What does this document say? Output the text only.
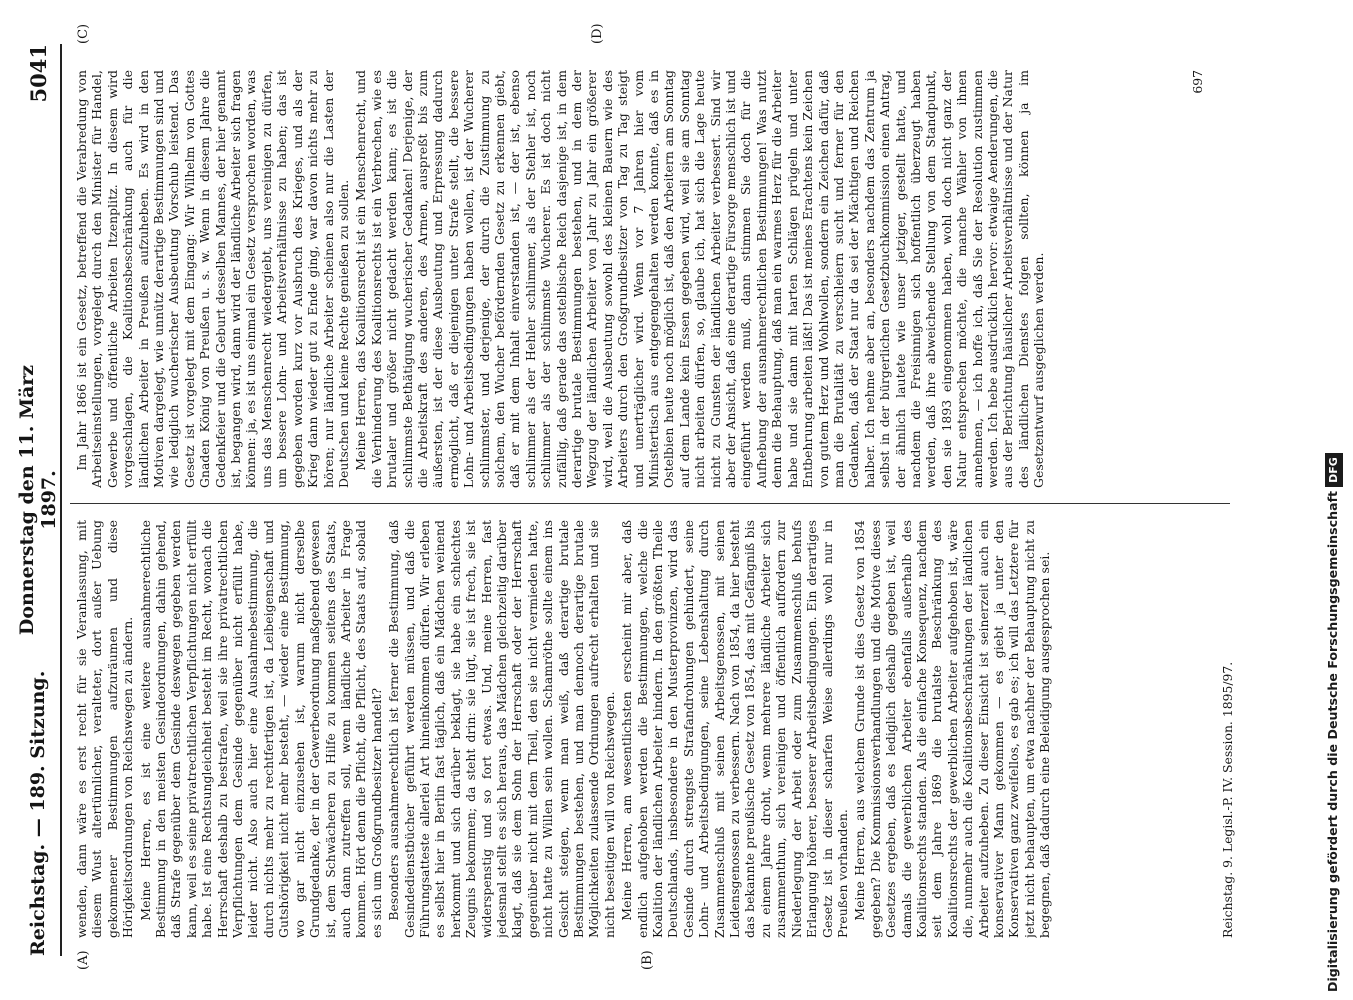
Reichstag. — 189. Sitzung.
Donnerstag den 11. März 1897.
5041
(A)	(B)
(C)	(D)

wenden, dann wäre es erst recht für sie Veranlassung, mit diesem Wust altertümlicher, veralteter, dort außer Uebung gekommener Bestimmungen aufzuräumen und diese Hörigkeitsordnungen von Reichswegen zu ändern. Meine Herren, es ist eine weitere ausnahmerechtliche Bestimmung in den meisten Gesindeordnungen, dahin gehend, daß Strafe gegenüber dem Gesinde deswegen gegeben werden kann, weil es seine privatrechtlichen Verpflichtungen nicht erfüllt habe. Ist eine Rechtsungleichheit besteht im Recht, wonach die Herrschaft deshalb zu bestrafen, weil sie ihre privatrechtlichen Verpflichtungen dem Gesinde gegenüber nicht erfüllt habe, leider nicht. Also auch hier eine Ausnahmebestimmung, die durch nichts mehr zu rechtfertigen ist, da Leibeigenschaft und Gutshörigkeit nicht mehr besteht, — wieder eine Bestimmung, wo gar nicht einzusehen ist, warum nicht derselbe Grundgedanke, der in der Gewerbeordnung maßgebend gewesen ist, dem Schwächeren zu Hilfe zu kommen seitens des Staats, auch dann zutreffen soll, wenn ländliche Arbeiter in Frage kommen. Hört denn die Pflicht, die Pflicht, des Staats auf, sobald es sich um Großgrundbesitzer handelt? Besonders ausnahmerechtlich ist ferner die Bestimmung, daß Gesindedienstbücher geführt werden müssen, und daß die Führungsatteste allerlei Art hineinkommen dürfen. Wir erleben es selbst hier in Berlin fast täglich, daß ein Mädchen weinend herkommt und sich darüber beklagt, sie habe ein schlechtes Zeugnis bekommen; da steht drin: sie lügt, sie ist frech, sie ist widerspenstig und so fort etwas. Und, meine Herren, fast jedesmal stellt es sich heraus, das Mädchen gleichzeitig darüber klagt, daß sie dem Sohn der Herrschaft oder der Herrschaft gegenüber nicht mit dem Theil, den sie nicht vermieden hatte, nicht hatte zu Willen sein wollen. Schamröthe sollte einem ins Gesicht steigen, wenn man weiß, daß derartige brutale Bestimmungen bestehen, und man dennoch derartige brutale Möglichkeiten zulassende Ordnungen aufrecht erhalten und sie nicht beseitigen will von Reichswegen. Meine Herren, am wesentlichsten erscheint mir aber, daß endlich aufgehoben werden die Bestimmungen, welche die Koalition der ländlichen Arbeiter hindern. In den größten Theile Deutschlands, insbesondere in den Musterprovinzen, wird das Gesinde durch strengste Strafandrohungen gehindert, seine Lohn- und Arbeitsbedingungen, seine Lebenshaltung durch Zusammenschluß mit seinen Arbeitsgenossen, mit seinen Leidensgenossen zu verbessern. Nach von 1854, da hier besteht das bekannte preußische Gesetz von 1854, das mit Gefängniß bis zu einem Jahre droht, wenn mehrere ländliche Arbeiter sich zusammenthun, sich vereinigen und öffentlich auffordern zur Niederlegung der Arbeit oder zum Zusammenschluß behufs Erlangung höherer, besserer Arbeitsbedingungen. Ein derartiges Gesetz ist in dieser scharfen Weise allerdings wohl nur in Preußen vorhanden. Meine Herren, aus welchem Grunde ist dies Gesetz von 1854 gegeben? Die Kommissionsverhandlungen und die Motive dieses Gesetzes ergeben, daß es lediglich deshalb gegeben ist, weil damals die gewerblichen Arbeiter ebenfalls außerhalb des Koalitionsrechts standen. Als die einfache Konsequenz, nachdem seit dem Jahre 1869 die brutalste Beschränkung des Koalitionsrechts der gewerblichen Arbeiter aufgehoben ist, wäre die, nunmehr auch die Koalitionsbeschränkungen der ländlichen Arbeiter aufzuheben. Zu dieser Einsicht ist seinerzeit auch ein konservativer Mann gekommen — es giebt ja unter den Konservativen ganz zweifellos, es gab es; ich will das Letztere für jetzt nicht behaupten, um etwa nachher der Behauptung nicht zu begegnen, daß dadurch eine Beleidigung ausgesprochen sei.

Im Jahr 1866 ist ein Gesetz, betreffend die Verabredung von Arbeitseinstellungen, vorgelegt durch den Minister für Handel, Gewerbe und öffentliche Arbeiten Itzenplitz. In diesem wird vorgeschlagen, die Koalitionsbeschränkung auch für die ländlichen Arbeiter in Preußen aufzuheben. Es wird in den Motiven dargelegt, wie unnütz derartige Bestimmungen sind und wie lediglich wucherischer Ausbeutung Vorschub leistend. Das Gesetz ist vorgelegt mit dem Eingang: Wir Wilhelm von Gottes Gnaden König von Preußen u. s. w. Wenn in diesem Jahre die Gedenkfeier und die Geburt desselben Mannes, der hier genannt ist, begangen wird, dann wird der ländliche Arbeiter sich fragen können: ja, es ist uns einmal ein Gesetz versprochen worden, was uns das Menschenrecht wiedergiebt, uns vereinigen zu dürfen, um bessere Lohn- und Arbeitsverhältnisse zu haben; das ist gegeben worden kurz vor Ausbruch des Krieges, und als der Krieg dann wieder gut zu Ende ging, war davon nichts mehr zu hören; nur ländliche Arbeiter scheinen also nur die Lasten der Deutschen und keine Rechte genießen zu sollen. Meine Herren, das Koalitionsrecht ist ein Menschenrecht, und die Verhinderung des Koalitionsrechts ist ein Verbrechen, wie es brutaler und größer nicht gedacht werden kann; es ist die schlimmste Bethätigung wucherischer Gedanken! Derjenige, der die Arbeitskraft des anderen, des Armen, auspreßt bis zum äußersten, ist der diese Ausbeutung und Erpressung dadurch ermöglicht, daß er diejenigen unter Strafe stellt, die bessere Lohn- und Arbeitsbedingungen haben wollen, ist der Wucherer schlimmster, und derjenige, der durch die Zustimmung zu solchem, den Wucher befördernden Gesetz zu erkennen giebt, daß er mit dem Inhalt einverstanden ist, — der ist, ebenso schlimmer als der Hehler schlimmer, als der Stehler ist, noch schlimmer als der schlimmste Wucherer. Es ist doch nicht zufällig, daß gerade das ostelbische Reich dasjenige ist, in dem derartige brutale Bestimmungen bestehen, und in dem der Wegzug der ländlichen Arbeiter von Jahr zu Jahr ein größerer wird, weil die Ausbeutung sowohl des kleinen Bauern wie des Arbeiters durch den Großgrundbesitzer von Tag zu Tag steigt und unerträglicher wird. Wenn vor 7 Jahren hier vom Ministertisch aus entgegengehalten werden konnte, daß es in Ostelbien heute noch möglich ist, daß den Arbeitern am Sonntag auf dem Lande kein Essen gegeben wird, weil sie am Sonntag nicht arbeiten dürfen, so, glaube ich, hat sich die Lage heute nicht zu Gunsten der ländlichen Arbeiter verbessert. Sind wir aber der Ansicht, daß eine derartige Fürsorge menschlich ist und eingeführt werden muß, dann stimmen Sie doch für die Aufhebung der ausnahmerechtlichen Bestimmungen! Was nutzt denn die Behauptung, daß man ein warmes Herz für die Arbeiter habe und sie dann mit harten Schlägen prügeln und unter Entbehrung arbeiten läßt! Das ist meines Erachtens kein Zeichen von gutem Herz und Wohlwollen, sondern ein Zeichen dafür, daß man die Brutalität zu verschleiern sucht und ferner für den Gedanken, daß der Staat nur da sei der Mächtigen und Reichen halber. Ich nehme aber an, besonders nachdem das Zentrum ja selbst in der bürgerlichen Gesetzbuchkommission einen Antrag, der ähnlich lautete wie unser jetziger, gestellt hatte, und nachdem die Freisinnigen sich hoffentlich überzeugt haben werden, daß ihre abweichende Stellung von dem Standpunkt, den sie 1893 eingenommen haben, wohl doch nicht ganz der Natur entsprechen möchte, die manche Wähler von ihnen annehmen, — ich hoffe ich, daß Sie der Resolution zustimmen werden. Ich hebe ausdrücklich hervor: etwaige Aenderungen, die aus der Berichtung häuslicher Arbeitsverhältnisse und der Natur des ländlichen Dienstes folgen sollten, können ja im Gesetzentwurf ausgeglichen werden.

697
Reichstag. 9. Legisl.-P. IV. Session. 1895/97.	Digitalisierung gefördert durch die Deutsche ForschungsgemeinschaftDFG
